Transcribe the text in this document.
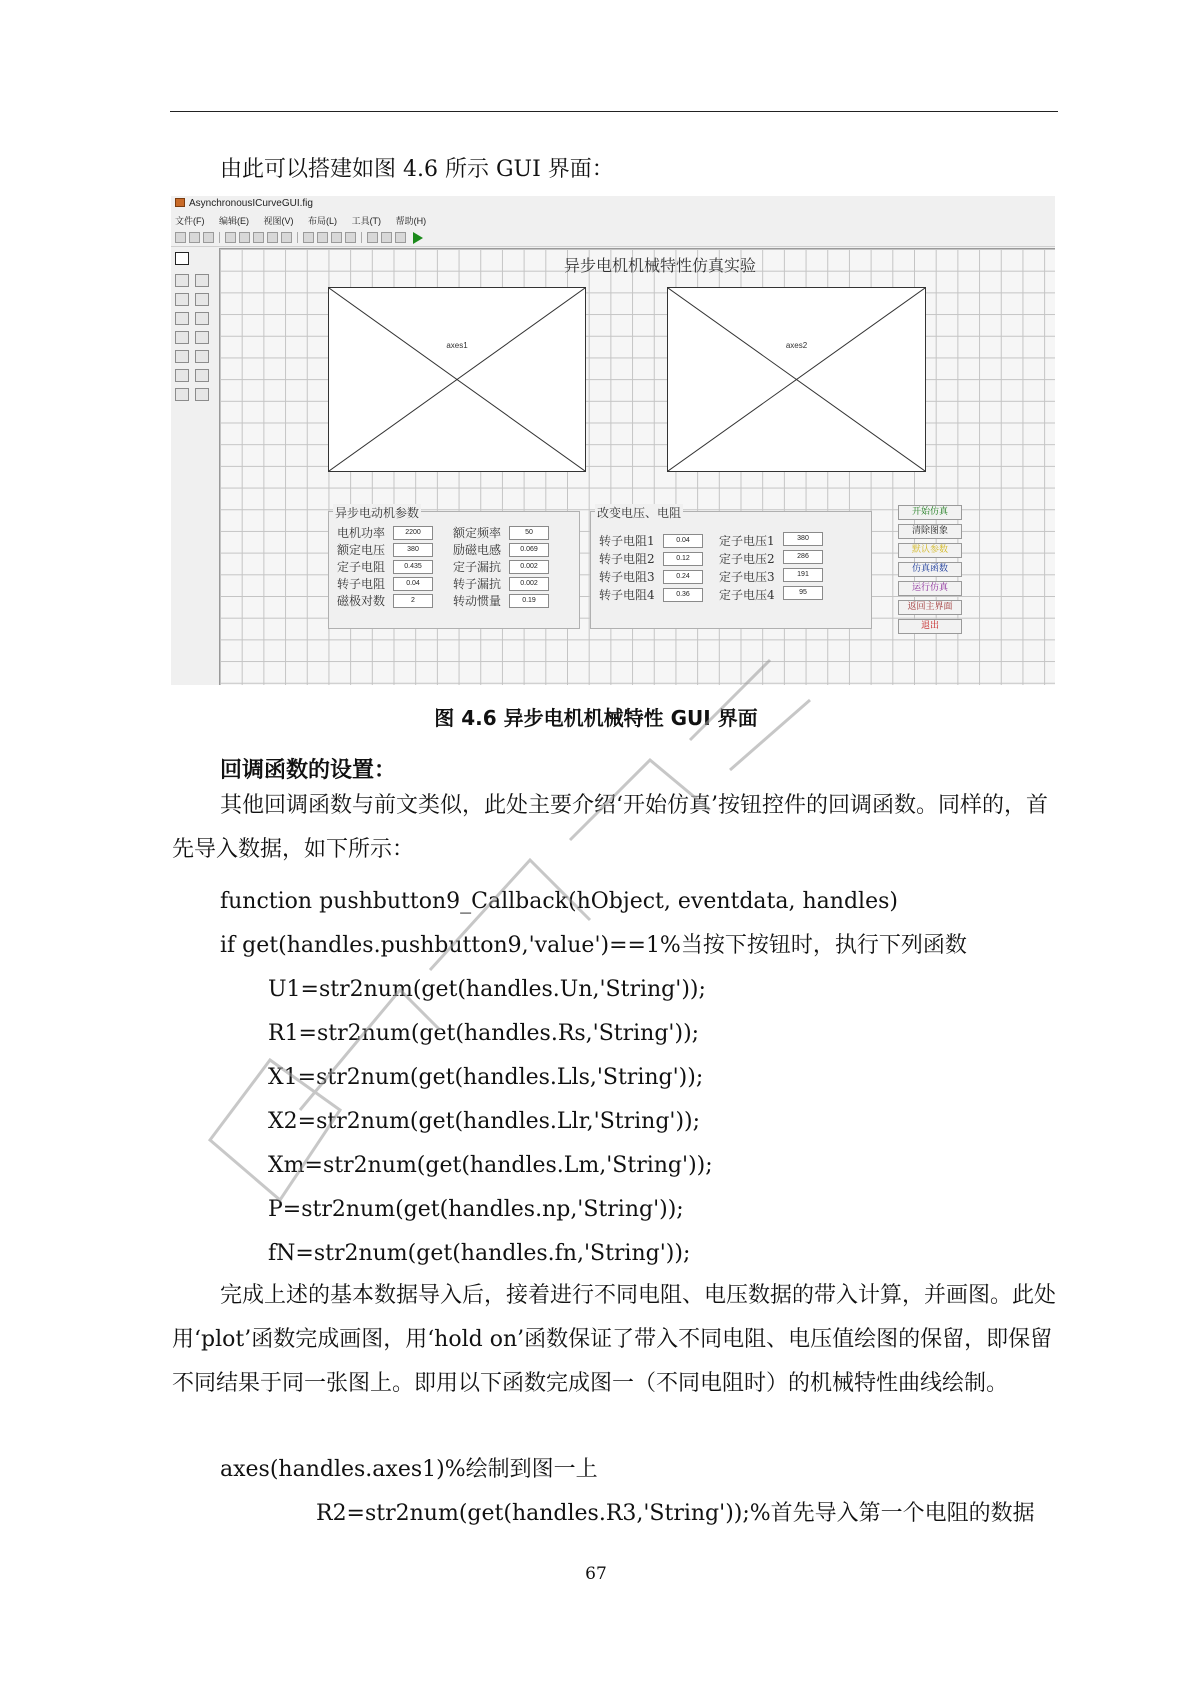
由此可以搭建如图 4.6 所示 GUI 界面：
AsynchronousICurveGUI.fig
文件(F) 编辑(E) 视图(V) 布局(L) 工具(T) 帮助(H)
异步电机机械特性仿真实验
axes1	axes2
异步电动机参数
电机功率
额定电压
定子电阻
转子电阻
磁极对数
2200
380
0.435
0.04
2
额定频率
励磁电感
定子漏抗
转子漏抗
转动惯量
50
0.069
0.002
0.002
0.19
改变电压、电阻
转子电阻1
转子电阻2
转子电阻3
转子电阻4
0.04
0.12
0.24
0.36
定子电压1
定子电压2
定子电压3
定子电压4
380
286
191
95
开始仿真
清除图象
默认参数
仿真函数
运行仿真
返回主界面
退出
图 4.6 异步电机机械特性 GUI 界面
回调函数的设置：
其他回调函数与前文类似，此处主要介绍‘开始仿真’按钮控件的回调函数。同样的，首先导入数据，如下所示：
function pushbutton9_Callback(hObject, eventdata, handles)
if get(handles.pushbutton9,'value')==1%当按下按钮时，执行下列函数
U1=str2num(get(handles.Un,'String'));
R1=str2num(get(handles.Rs,'String'));
X1=str2num(get(handles.Lls,'String'));
X2=str2num(get(handles.Llr,'String'));
Xm=str2num(get(handles.Lm,'String'));
P=str2num(get(handles.np,'String'));
fN=str2num(get(handles.fn,'String'));
完成上述的基本数据导入后，接着进行不同电阻、电压数据的带入计算，并画图。此处用‘plot’函数完成画图，用‘hold on’函数保证了带入不同电阻、电压值绘图的保留，即保留不同结果于同一张图上。即用以下函数完成图一（不同电阻时）的机械特性曲线绘制。
axes(handles.axes1)%绘制到图一上
R2=str2num(get(handles.R3,'String'));%首先导入第一个电阻的数据
67
